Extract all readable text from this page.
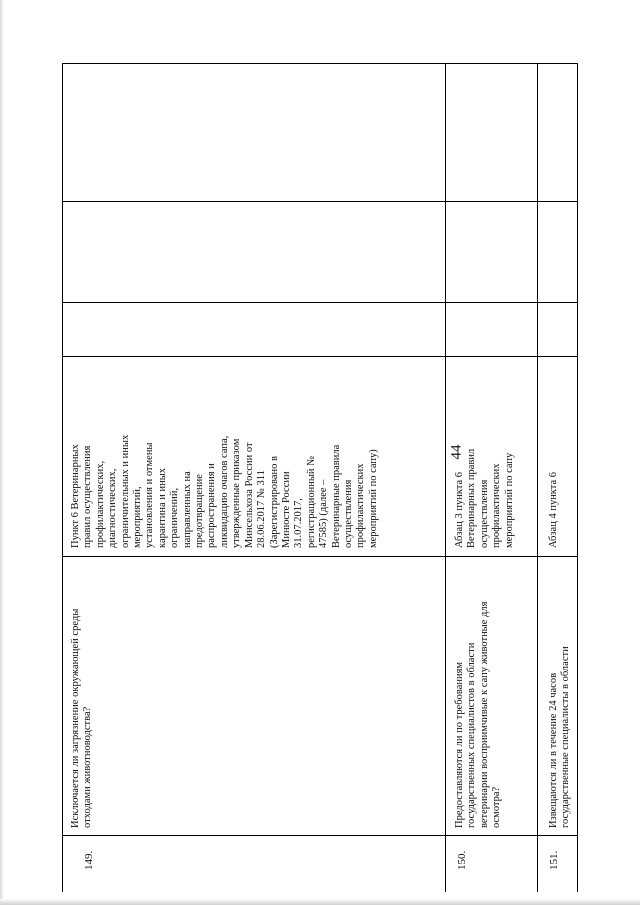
44
149.
Исключается ли загрязнение окружающей среды
отходами животноводства?
Пункт 6 Ветеринарных
правил осуществления
профилактических,
диагностических,
ограничительных и иных
мероприятий,
установления и отмены
карантина и иных
ограничений,
направленных на
предотвращение
распространения и
ликвидацию очагов сапа,
утвержденные приказом
Минсельхоза России от
28.06.2017 № 311
(Зарегистрировано в
Минюсте России
31.07.2017,
регистрационный №
47585) (далее –
Ветеринарные правила
осуществления
профилактических
мероприятий по сапу)
150.
Предоставляются ли по требованиям
государственных специалистов в области
ветеринарии восприимчивые к сапу животные для
осмотра?
Абзац 3 пункта 6
Ветеринарных правил
осуществления
профилактических
мероприятий по сапу
151.
Извещаются ли в течение 24 часов
государственные специалисты в области
Абзац 4 пункта 6
